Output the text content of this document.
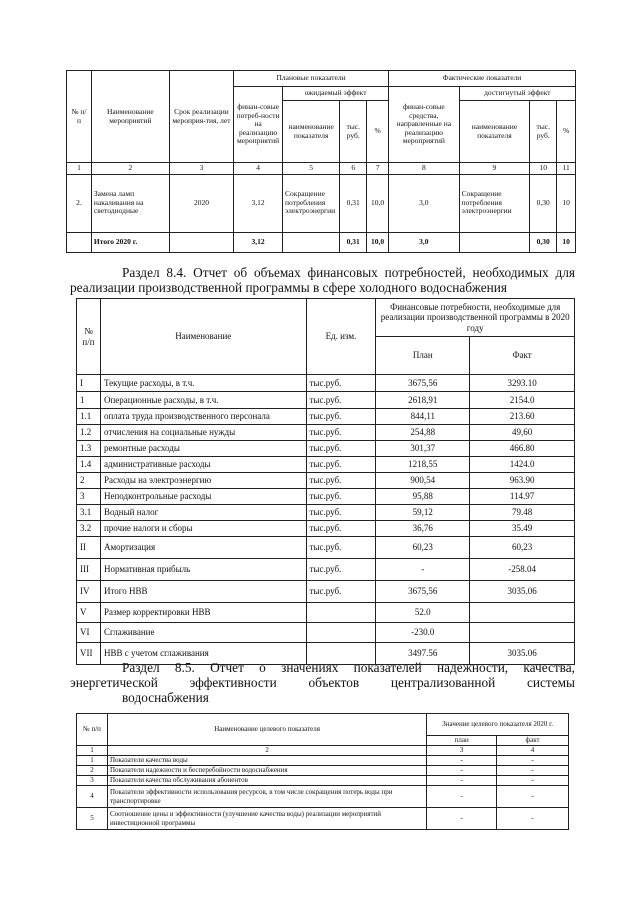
№ п/ п	Наименование мероприятий	Срок реализации мероприя-тия, лет	Плановые показатели				Фактические показатели			
			финан-совые потреб-ности на реализацию мероприятий	ожидаемый эффект			финан-совые средства, направленные на реализацию мероприятий	достигнутый эффект		
				наименование показателя	тыс. руб.	%		наименование показателя	тыс. руб.	%
1	2	3	4	5	6	7	8	9	10	11
2.	Замена ламп накаливания на светодиодные	2020	3,12	Сокращение потребления электроэнергии	0,31	10,0	3,0	Сокращение потребления электроэнергии	0,30	10
	Итого 2020 г.		3,12		0,31	10,0	3,0		0,30	10
Раздел 8.4. Отчет об объемах финансовых потребностей, необходимых для реализации производственной программы в сфере холодного водоснабжения
№ п/п	Наименование	Ед. изм.	Финансовые потребности, необходимые для реализации производственной программы в 2020 году	
			План	Факт
I	Текущие расходы, в т.ч.	тыс.руб.	3675,56	3293.10
1	Операционные расходы, в т.ч.	тыс.руб.	2618,91	2154.0
1.1	оплата труда производственного персонала	тыс.руб.	844,11	213.60
1.2	отчисления на социальные нужды	тыс.руб.	254,88	49,60
1.3	ремонтные расходы	тыс.руб.	301,37	466.80
1.4	административные расходы	тыс.руб.	1218,55	1424.0
2	Расходы на электроэнергию	тыс.руб.	900,54	963.90
3	Неподконтрольные расходы	тыс.руб.	95,88	114.97
3.1	Водный налог	тыс.руб.	59,12	79.48
3.2	прочие налоги и сборы	тыс.руб.	36,76	35.49
II	Амортизация	тыс.руб.	60,23	60,23
III	Нормативная прибыль	тыс.руб.	-	-258.04
IV	Итого НВВ	тыс.руб.	3675,56	3035.06
V	Размер корректировки НВВ		52.0	
VI	Сглаживание		-230.0	
VII	НВВ с учетом сглаживания		3497.56	3035.06
Раздел 8.5. Отчет о значениях показателей надежности, качества, энергетической эффективности объектов централизованной системы
водоснабжения
№ п/п	Наименование целевого показателя	Значение целевого показателя 2020 г.	
		план	факт
1	2	3	4
1	Показатели качества воды	-	-
2	Показатели надежности и бесперебойности водоснабжения	-	-
3	Показатели качества обслуживания абонентов	-	-
4	Показатели эффективности использования ресурсов, в том числе сокращения потерь воды при транспортировке	-	-
5	Соотношение цены и эффективности (улучшение качества воды) реализации мероприятий инвестиционной программы	-	-
